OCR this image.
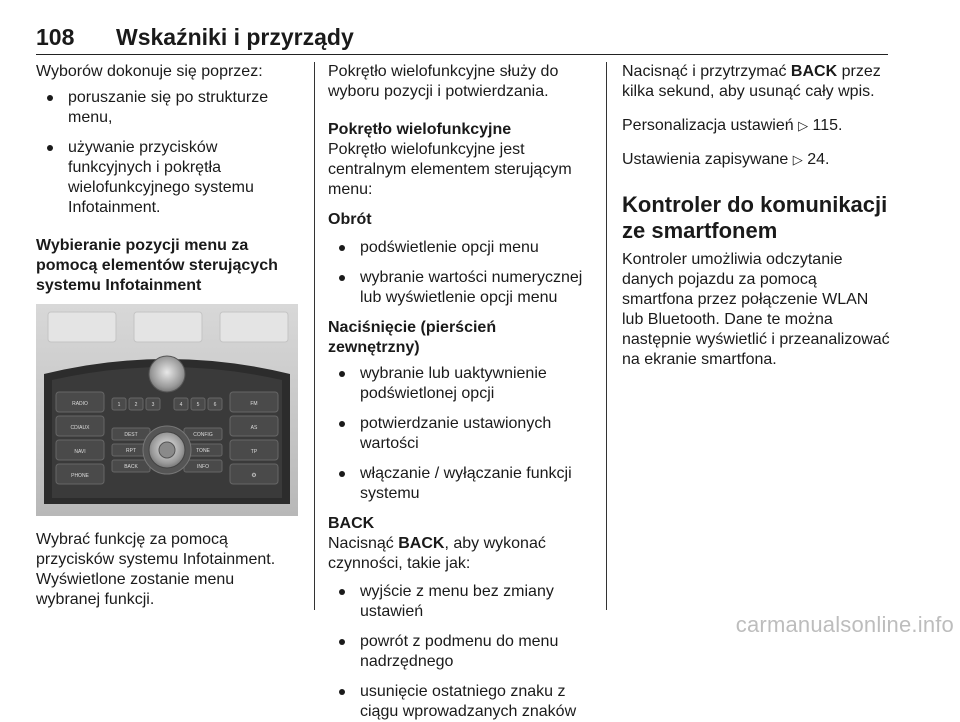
108 Wskaźniki i przyrządy

Wyborów dokonuje się poprzez:

poruszanie się po strukturze menu,
używanie przycisków funkcyjnych i pokrętła wielofunkcyjnego systemu Infotainment.
Wybieranie pozycji menu za pomocą elementów sterujących systemu Infotainment
RADIO
CD/AUX
NAVI
PHONE
FM
AS
TP
⚙
1	2	3	4	5	6
DEST
RPT
BACK
CONFIG
TONE
INFO

Wybrać funkcję za pomocą przycisków systemu Infotainment. Wyświetlone zostanie menu wybranej funkcji.

Pokrętło wielofunkcyjne służy do wyboru pozycji i potwierdzania.

Pokrętło wielofunkcyjne

Pokrętło wielofunkcyjne jest centralnym elementem sterującym menu:

Obrót
podświetlenie opcji menu
wybranie wartości numerycznej lub wyświetlenie opcji menu
Naciśnięcie (pierścień zewnętrzny)
wybranie lub uaktywnienie podświetlonej opcji
potwierdzanie ustawionych wartości
włączanie / wyłączanie funkcji systemu
BACK

Nacisnąć BACK, aby wykonać czynności, takie jak:

wyjście z menu bez zmiany ustawień
powrót z podmenu do menu nadrzędnego
usunięcie ostatniego znaku z ciągu wprowadzanych znaków

Nacisnąć i przytrzymać BACK przez kilka sekund, aby usunąć cały wpis.

Personalizacja ustawień ▷ 115.

Ustawienia zapisywane ▷ 24.

Kontroler do komunikacji ze smartfonem

Kontroler umożliwia odczytanie danych pojazdu za pomocą smartfona przez połączenie WLAN lub Bluetooth. Dane te można następnie wyświetlić i przeanalizować na ekranie smartfona.

carmanualsonline.info
